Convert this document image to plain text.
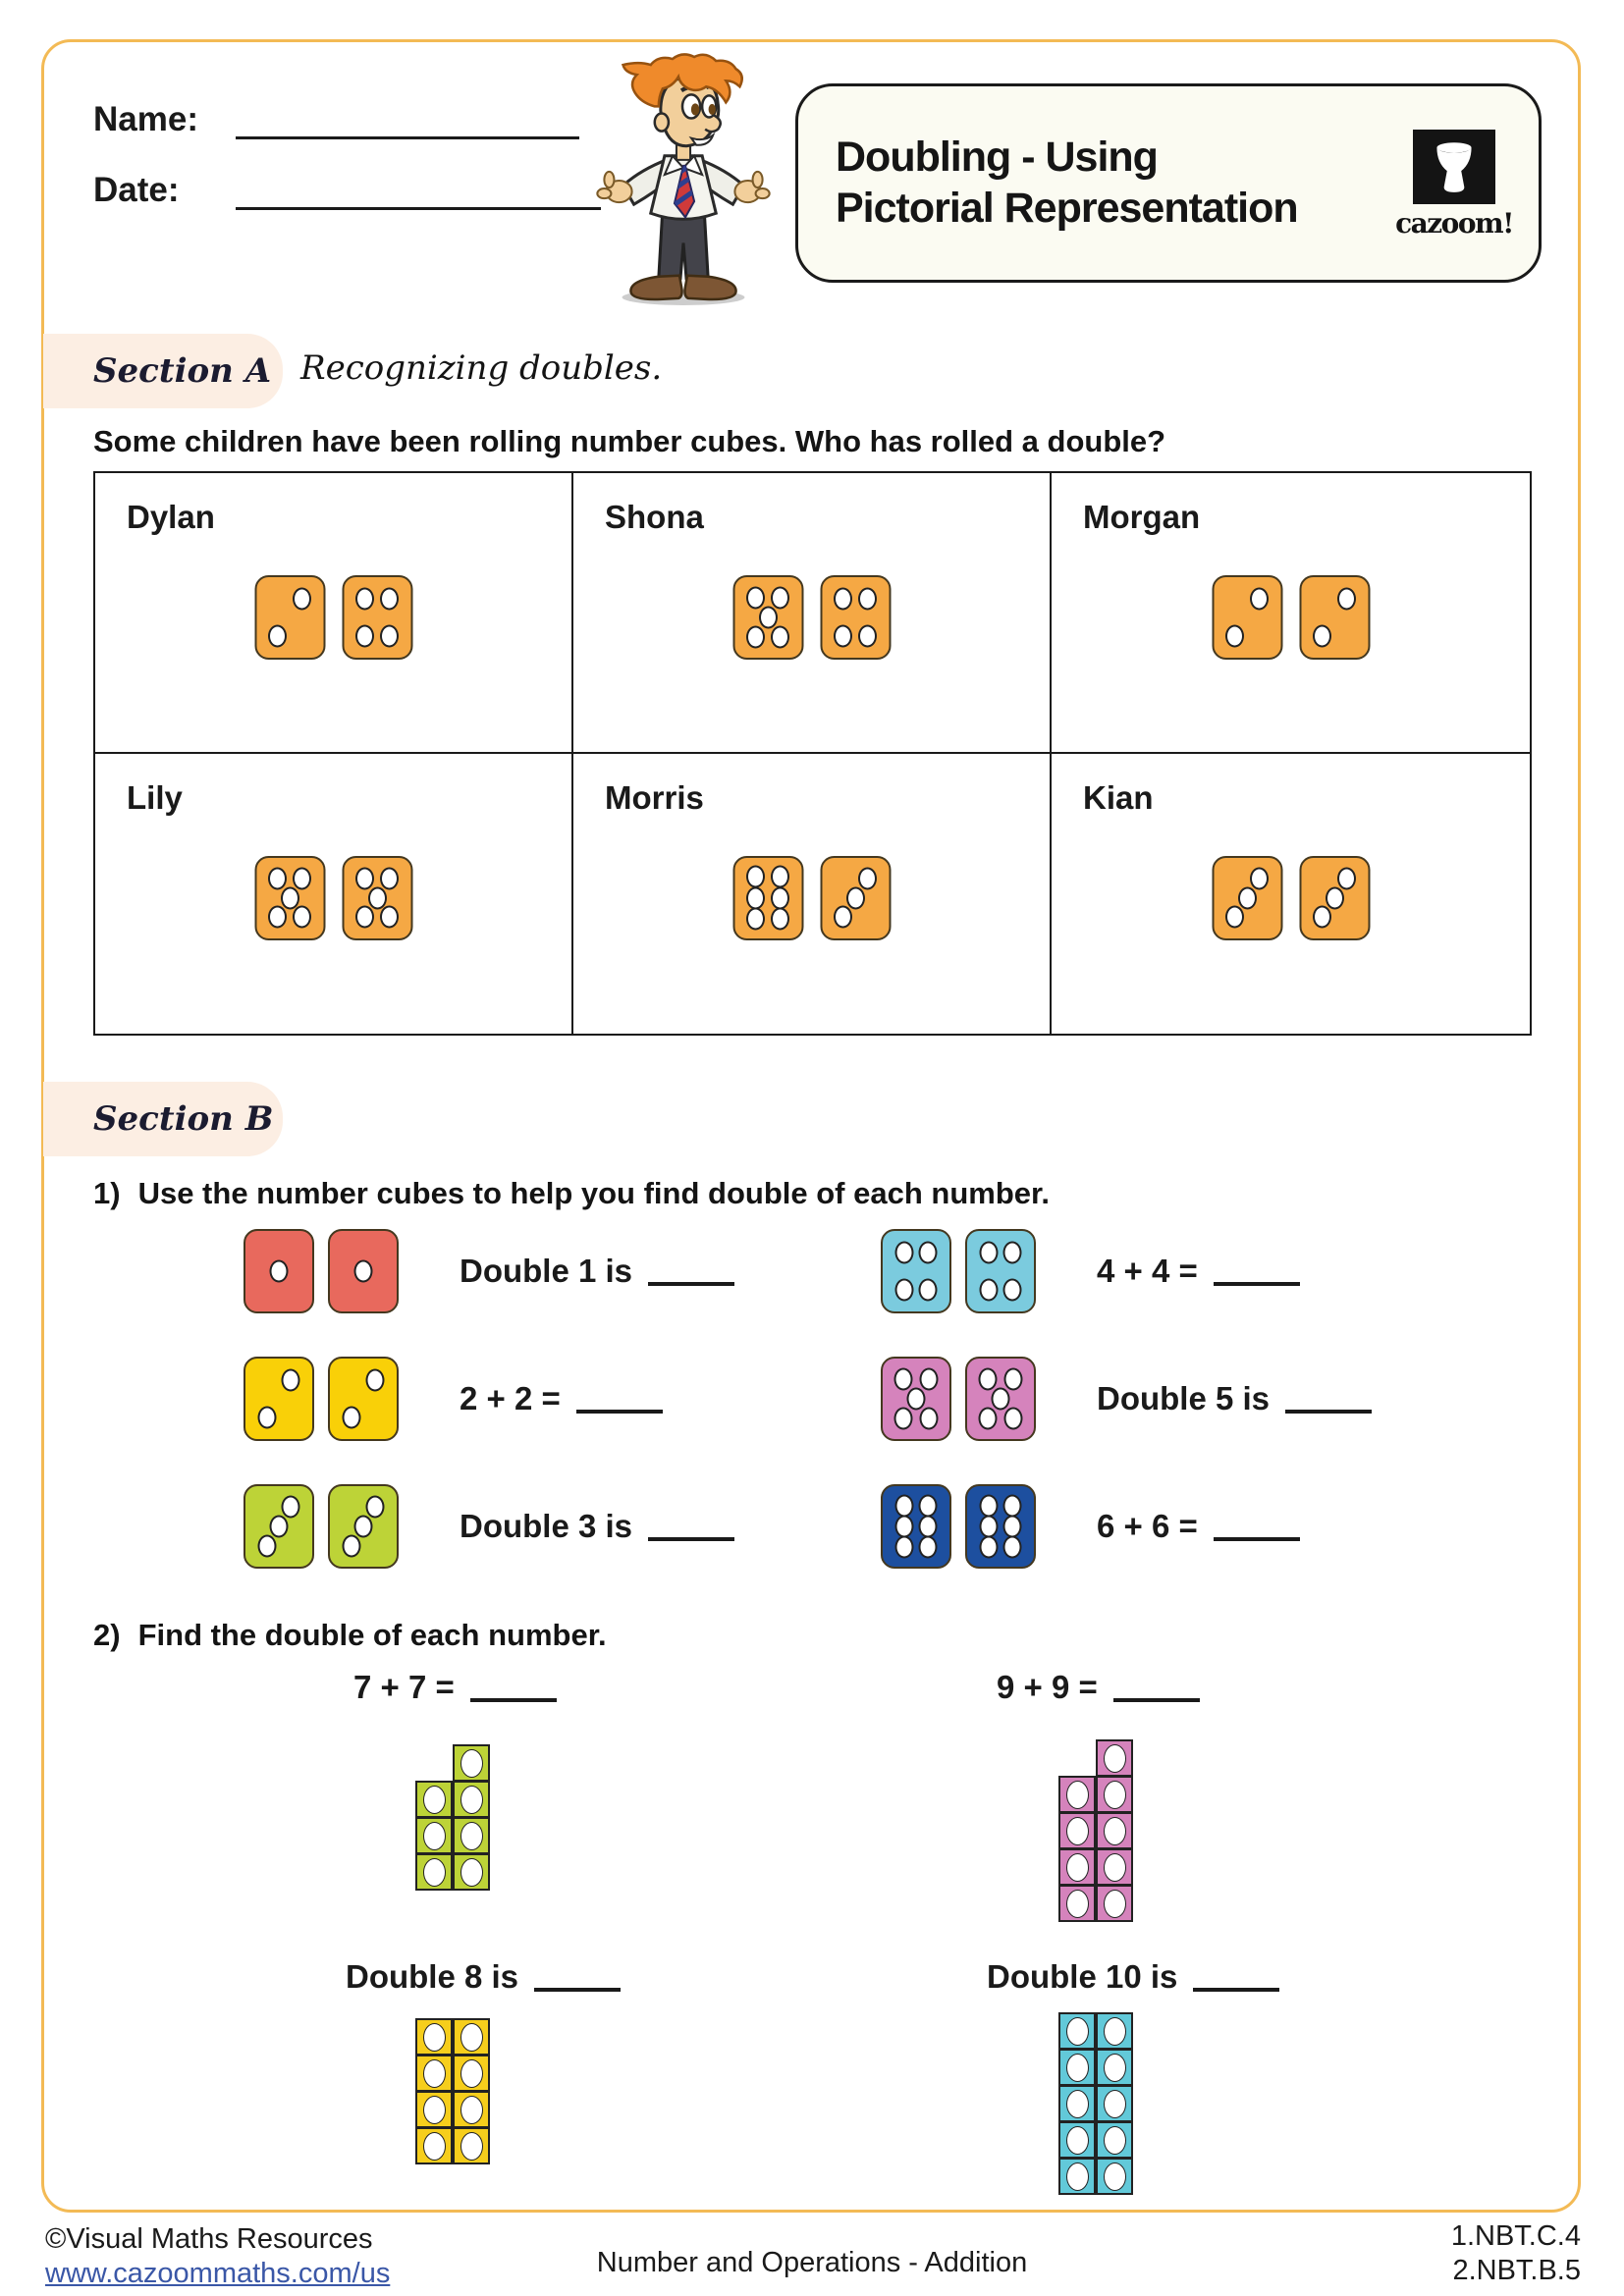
Name:
Date:
Doubling - Using
Pictorial Representation	cazoom!
Section A Recognizing doubles.
Some children have been rolling number cubes. Who has rolled a double?
Dylan	Shona	Morgan
Lily	Morris	Kian
Section B
1) Use the number cubes to help you find double of each number.
Double 1 is	4 + 4 =
2 + 2 =	Double 5 is
Double 3 is	6 + 6 =
2) Find the double of each number.
7 + 7 =	9 + 9 =
Double 8 is	Double 10 is
©Visual Maths Resources
www.cazoommaths.com/us	Number and Operations - Addition
1.NBT.C.4
2.NBT.B.5
